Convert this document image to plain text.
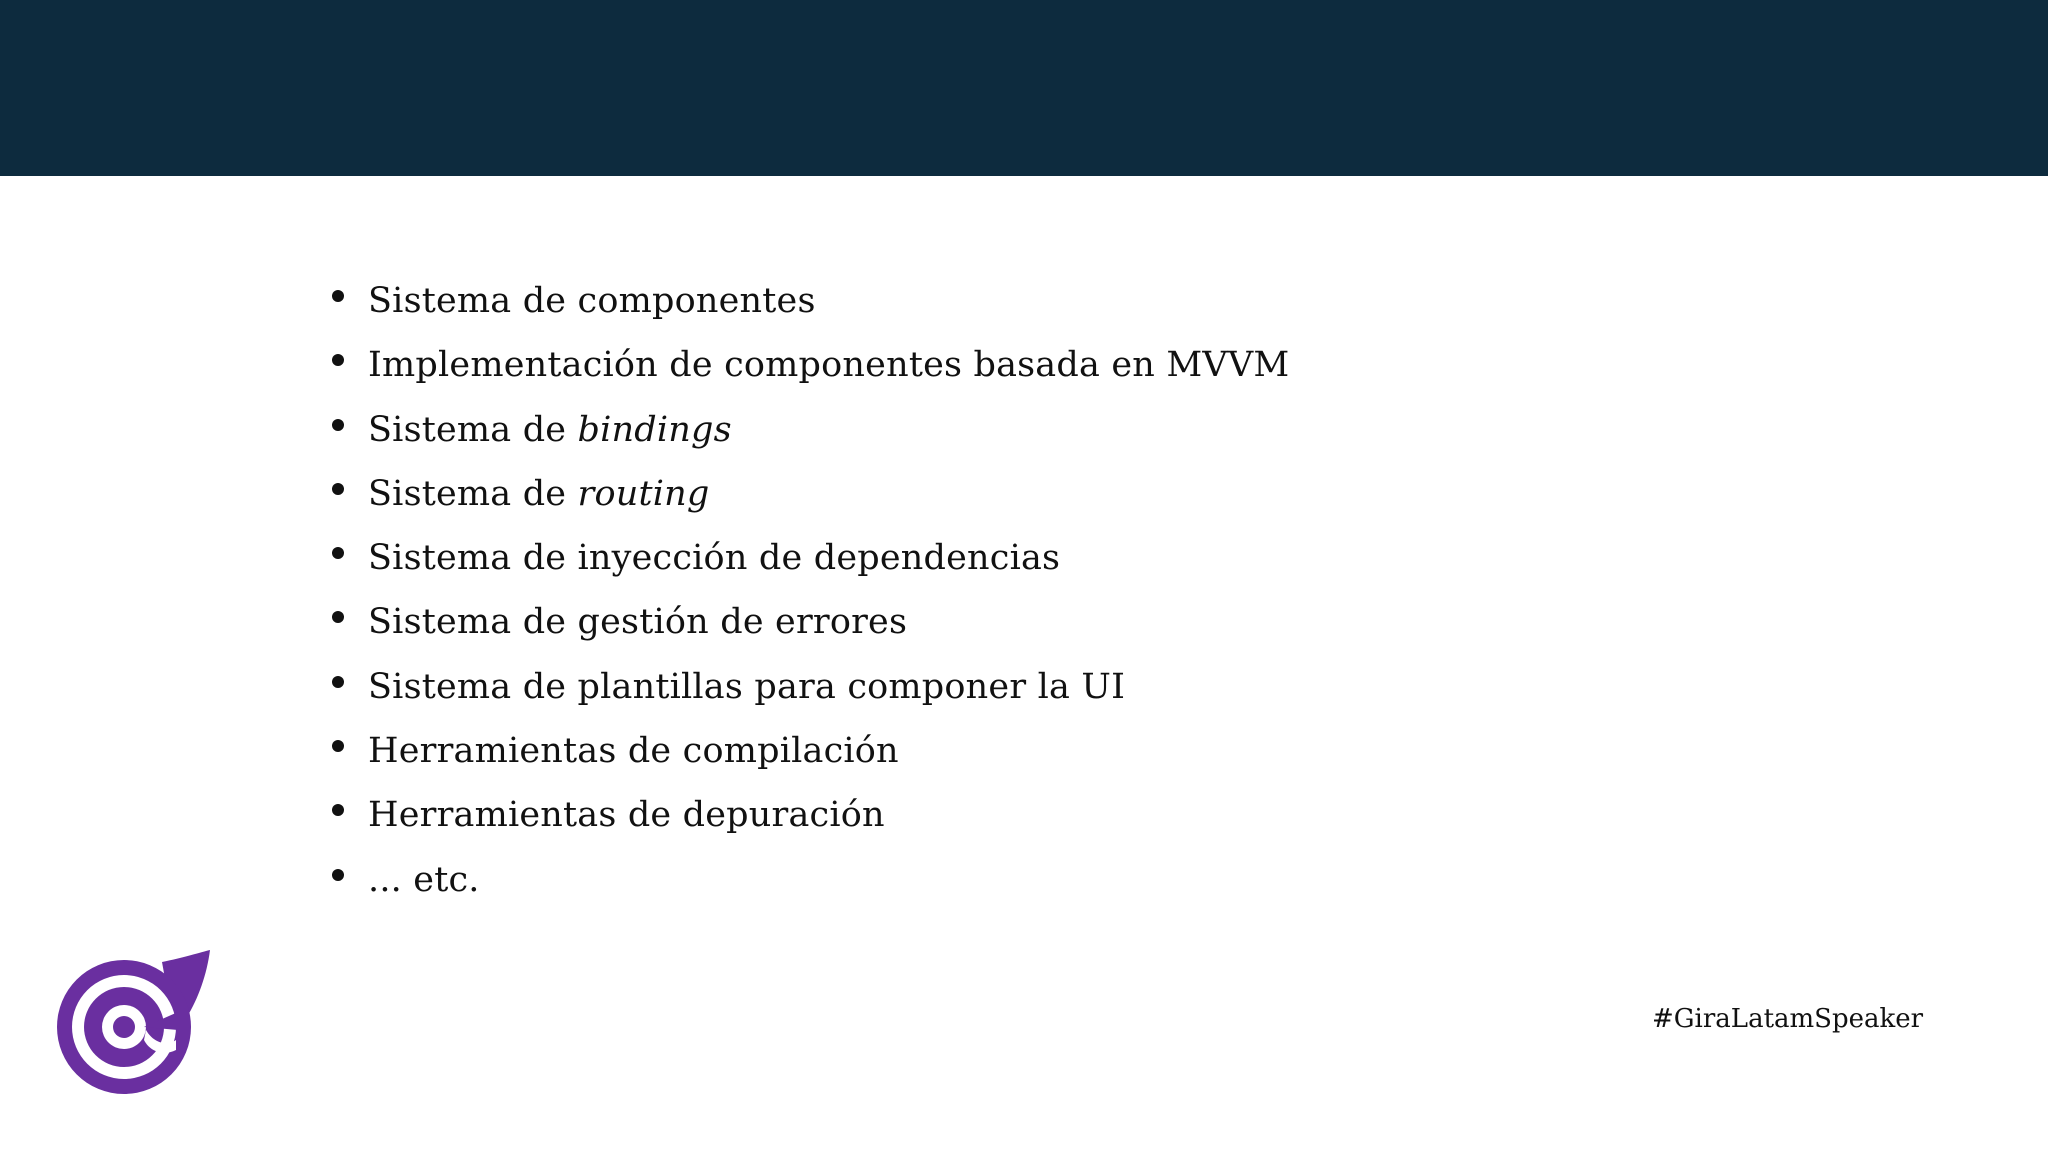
Sistema de componentes
Implementación de componentes basada en MVVM
Sistema de bindings
Sistema de routing
Sistema de inyección de dependencias
Sistema de gestión de errores
Sistema de plantillas para componer la UI
Herramientas de compilación
Herramientas de depuración
... etc.
#GiraLatamSpeaker
